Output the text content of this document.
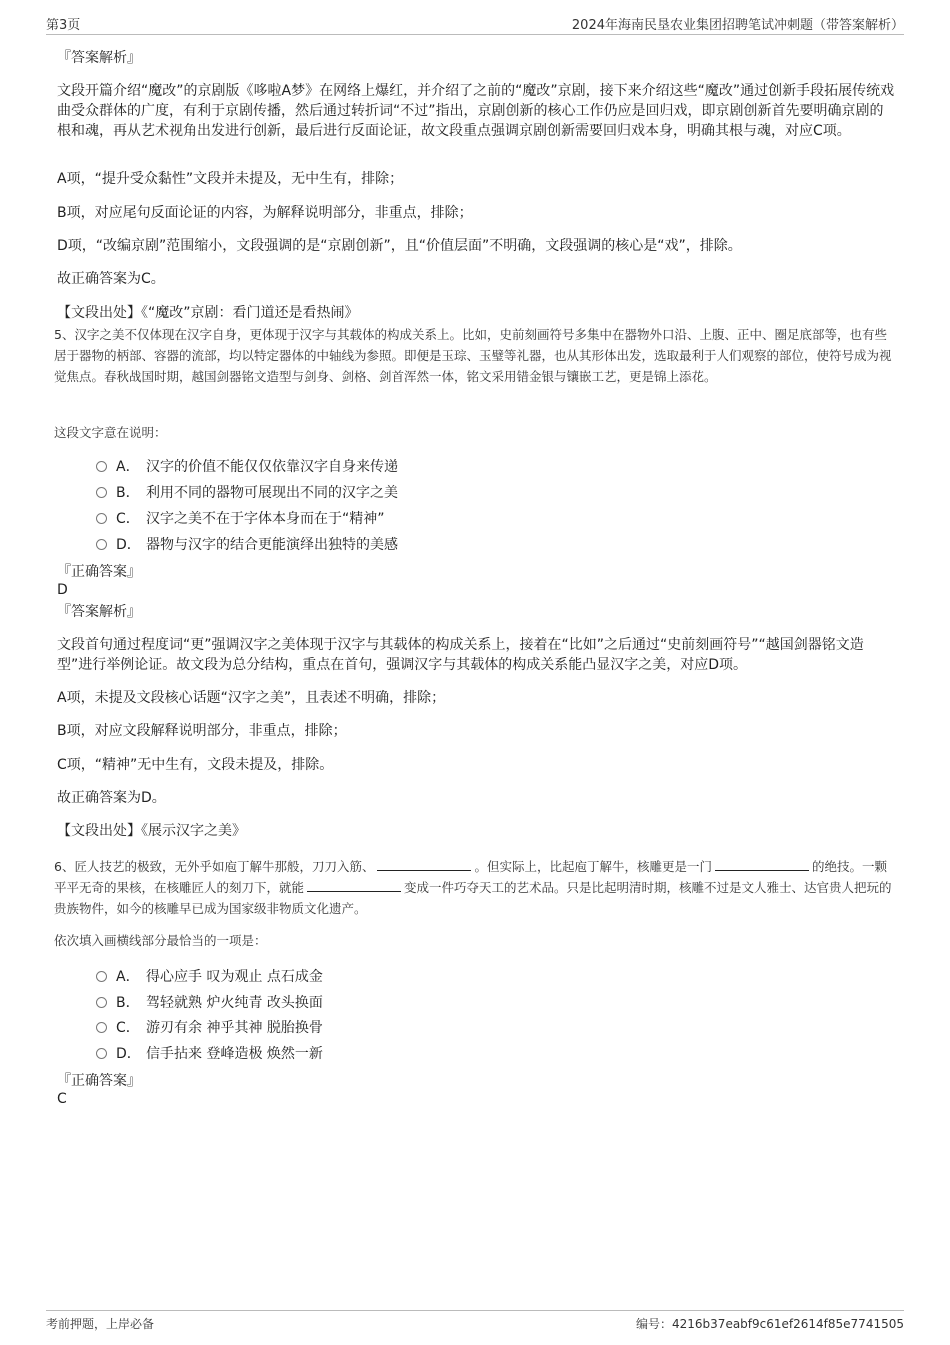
第3页	2024年海南民垦农业集团招聘笔试冲刺题（带答案解析）
『答案解析』
文段开篇介绍“魔改”的京剧版《哆啦A梦》在网络上爆红，并介绍了之前的“魔改”京剧，接下来介绍这些“魔改”通过创新手段拓展传统戏曲受众群体的广度，有利于京剧传播，然后通过转折词“不过”指出，京剧创新的核心工作仍应是回归戏，即京剧创新首先要明确京剧的根和魂，再从艺术视角出发进行创新，最后进行反面论证，故文段重点强调京剧创新需要回归戏本身，明确其根与魂，对应C项。
A项，“提升受众黏性”文段并未提及，无中生有，排除；
B项，对应尾句反面论证的内容，为解释说明部分，非重点，排除；
D项，“改编京剧”范围缩小，文段强调的是“京剧创新”，且“价值层面”不明确，文段强调的核心是“戏”，排除。
故正确答案为C。
【文段出处】《“魔改”京剧：看门道还是看热闹》
5、汉字之美不仅体现在汉字自身，更体现于汉字与其载体的构成关系上。比如，史前刻画符号多集中在器物外口沿、上腹、正中、圈足底部等，也有些居于器物的柄部、容器的流部，均以特定器体的中轴线为参照。即便是玉琮、玉璧等礼器，也从其形体出发，选取最利于人们观察的部位，使符号成为视觉焦点。春秋战国时期，越国剑器铭文造型与剑身、剑格、剑首浑然一体，铭文采用错金银与镶嵌工艺，更是锦上添花。
这段文字意在说明：
A． 汉字的价值不能仅仅依靠汉字自身来传递
B． 利用不同的器物可展现出不同的汉字之美
C． 汉字之美不在于字体本身而在于“精神”
D． 器物与汉字的结合更能演绎出独特的美感
『正确答案』
D
『答案解析』
文段首句通过程度词“更”强调汉字之美体现于汉字与其载体的构成关系上，接着在“比如”之后通过“史前刻画符号”“越国剑器铭文造型”进行举例论证。故文段为总分结构，重点在首句，强调汉字与其载体的构成关系能凸显汉字之美，对应D项。
A项，未提及文段核心话题“汉字之美”，且表述不明确，排除；
B项，对应文段解释说明部分，非重点，排除；
C项，“精神”无中生有，文段未提及，排除。
故正确答案为D。
【文段出处】《展示汉字之美》
6、匠人技艺的极致，无外乎如庖丁解牛那般，刀刀入筋、	。但实际上，比起庖丁解牛，核雕更是一门	的绝技。一颗平平无奇的果核，在核雕匠人的刻刀下，就能	变成一件巧夺天工的艺术品。只是比起明清时期，核雕不过是文人雅士、达官贵人把玩的贵族物件，如今的核雕早已成为国家级非物质文化遗产。
依次填入画横线部分最恰当的一项是：
A． 得心应手 叹为观止 点石成金
B． 驾轻就熟 炉火纯青 改头换面
C． 游刃有余 神乎其神 脱胎换骨
D． 信手拈来 登峰造极 焕然一新
『正确答案』
C
考前押题，上岸必备	编号：4216b37eabf9c61ef2614f85e7741505
